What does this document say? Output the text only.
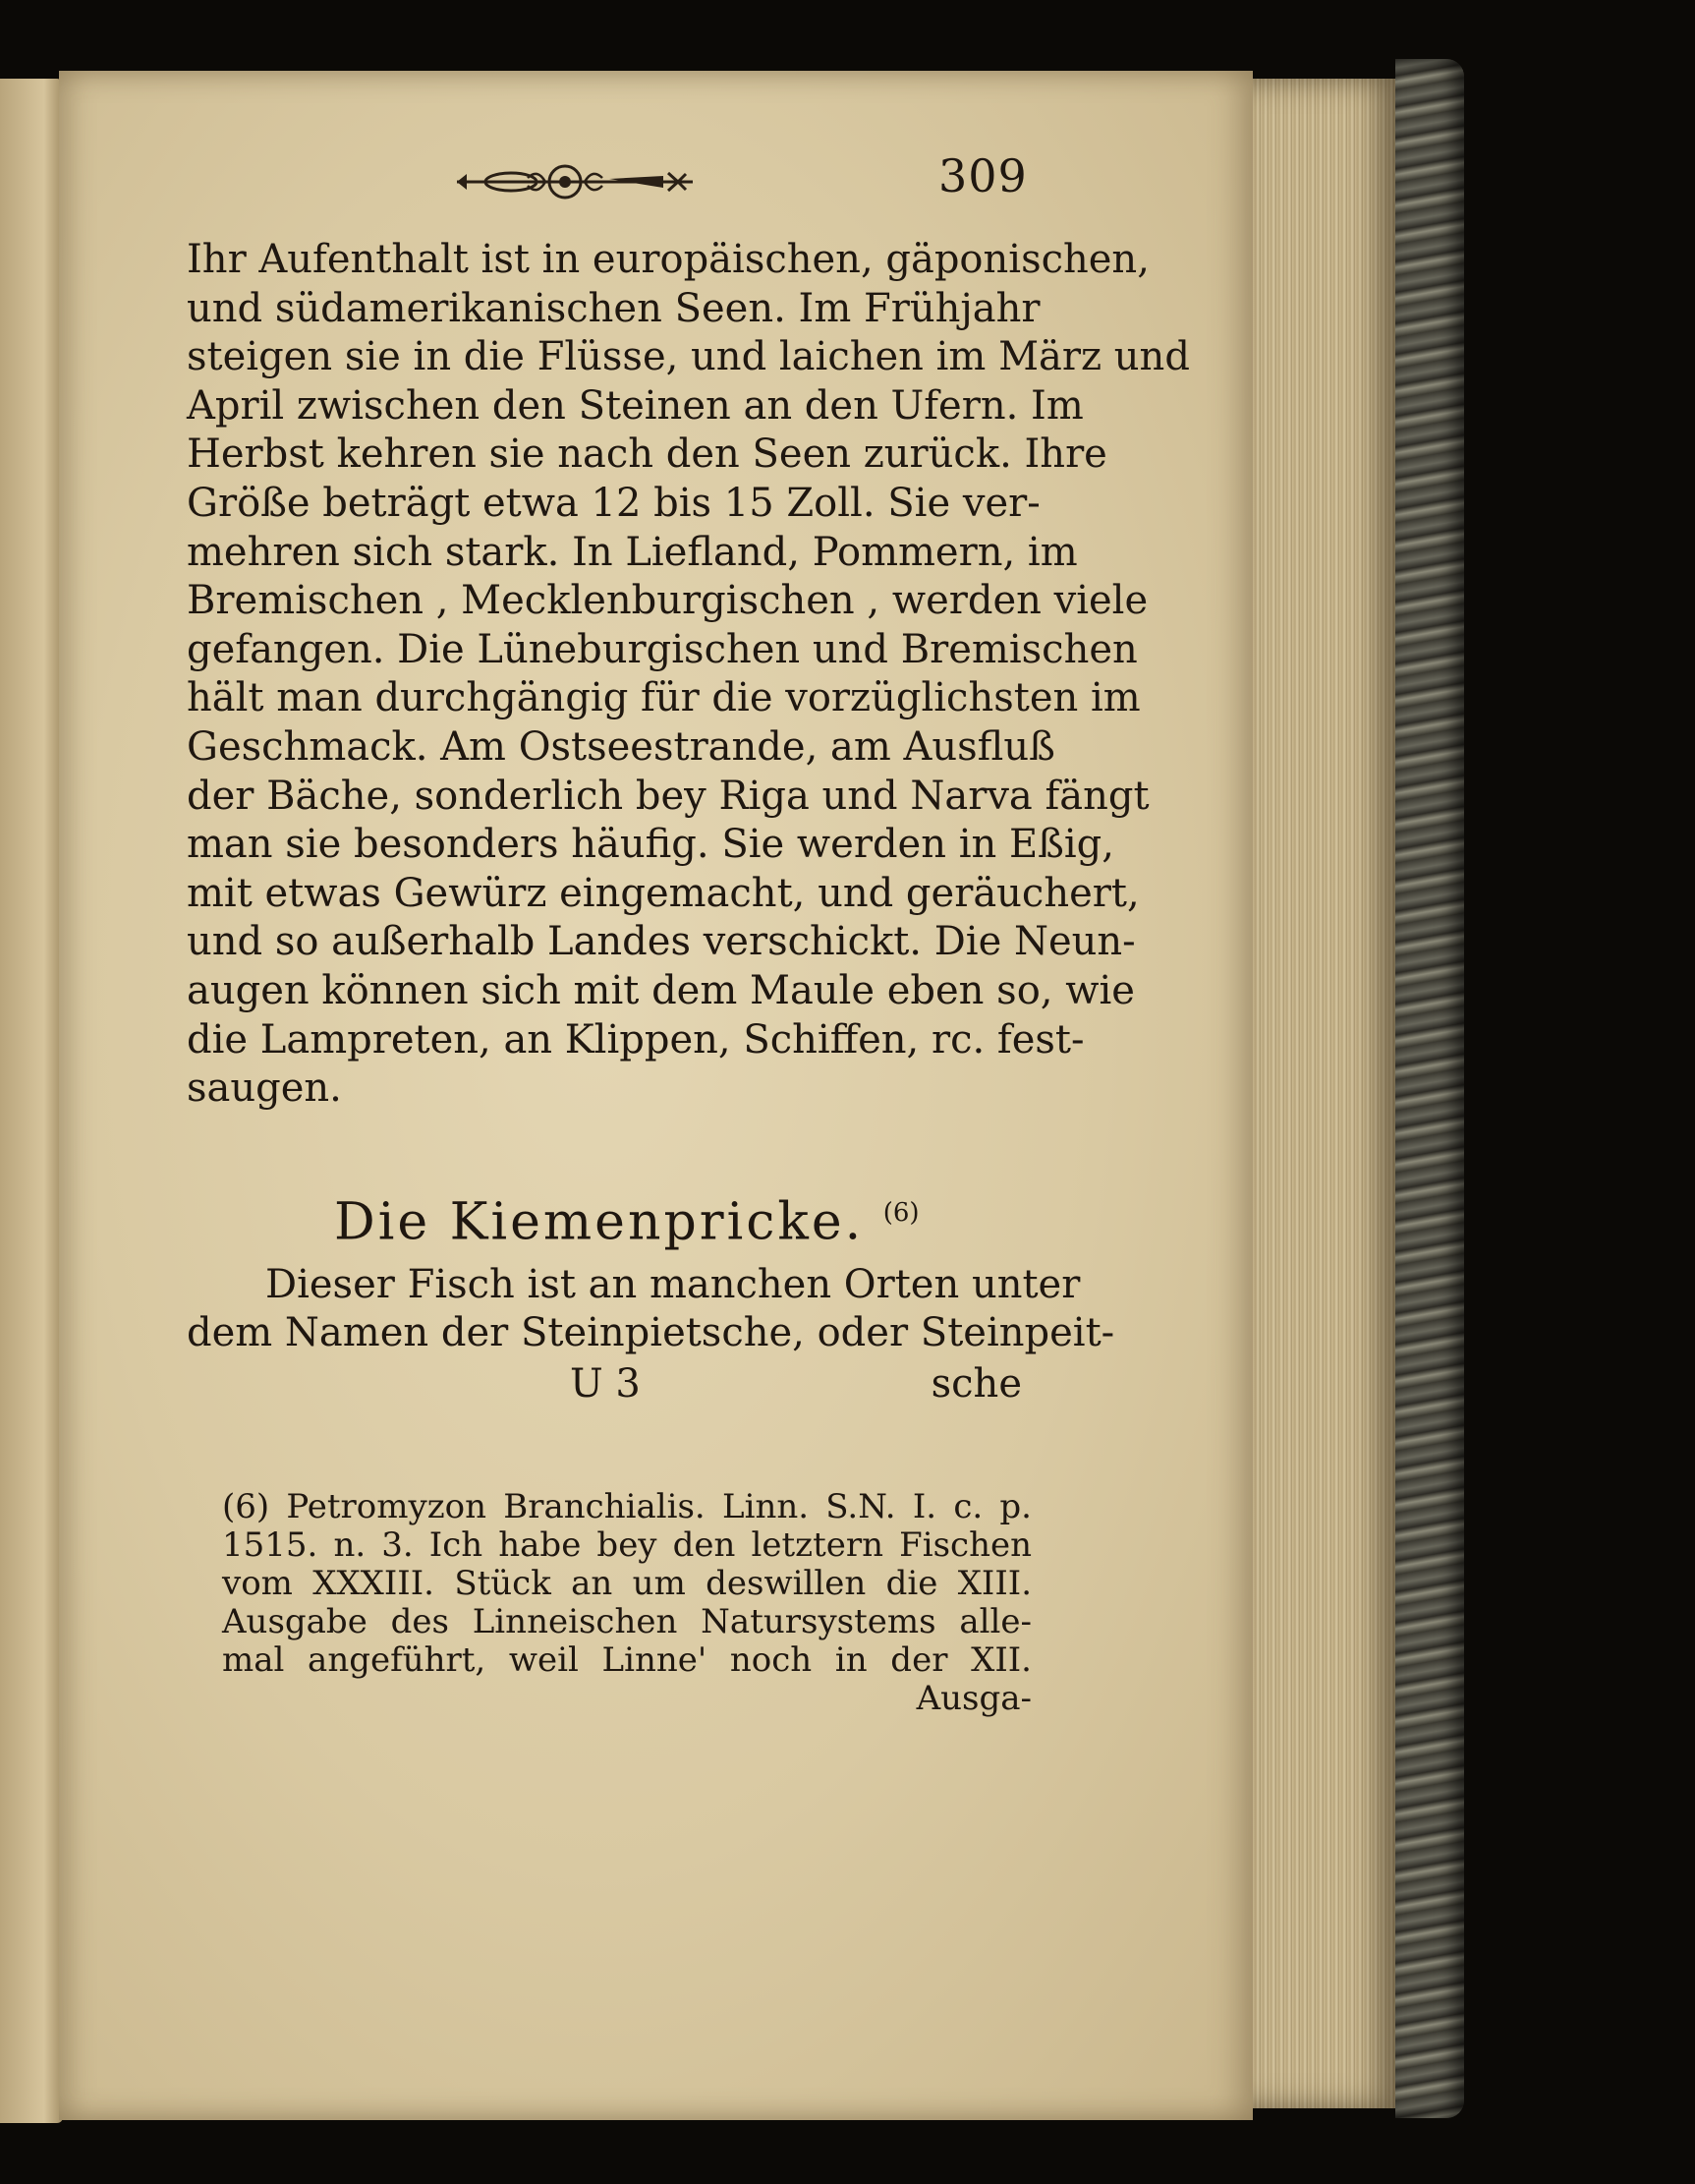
309
Ihr Aufenthalt ist in europäischen, gäponischen,
und südamerikanischen Seen. Im Frühjahr
steigen sie in die Flüsse, und laichen im März und
April zwischen den Steinen an den Ufern. Im
Herbst kehren sie nach den Seen zurück. Ihre
Größe beträgt etwa 12 bis 15 Zoll. Sie ver-
mehren sich stark. In Liefland, Pommern, im
Bremischen , Mecklenburgischen , werden viele
gefangen. Die Lüneburgischen und Bremischen
hält man durchgängig für die vorzüglichsten im
Geschmack. Am Ostseestrande, am Ausfluß
der Bäche, sonderlich bey Riga und Narva fängt
man sie besonders häufig. Sie werden in Eßig,
mit etwas Gewürz eingemacht, und geräuchert,
und so außerhalb Landes verschickt. Die Neun-
augen können sich mit dem Maule eben so, wie
die Lampreten, an Klippen, Schiffen, rc. fest-
saugen.
Die Kiemenpricke. $^{(6)}$
Dieser Fisch ist an manchen Orten unter
dem Namen der Steinpietsche, oder Steinpeit-
U 3	sche
(6) Petromyzon Branchialis. Linn. S.N. I. c. p.
1515. n. 3. Ich habe bey den letztern Fischen
vom XXXIII. Stück an um deswillen die XIII.
Ausgabe des Linneischen Natursystems alle-
mal angeführt, weil Linne' noch in der XII.
Ausga-
